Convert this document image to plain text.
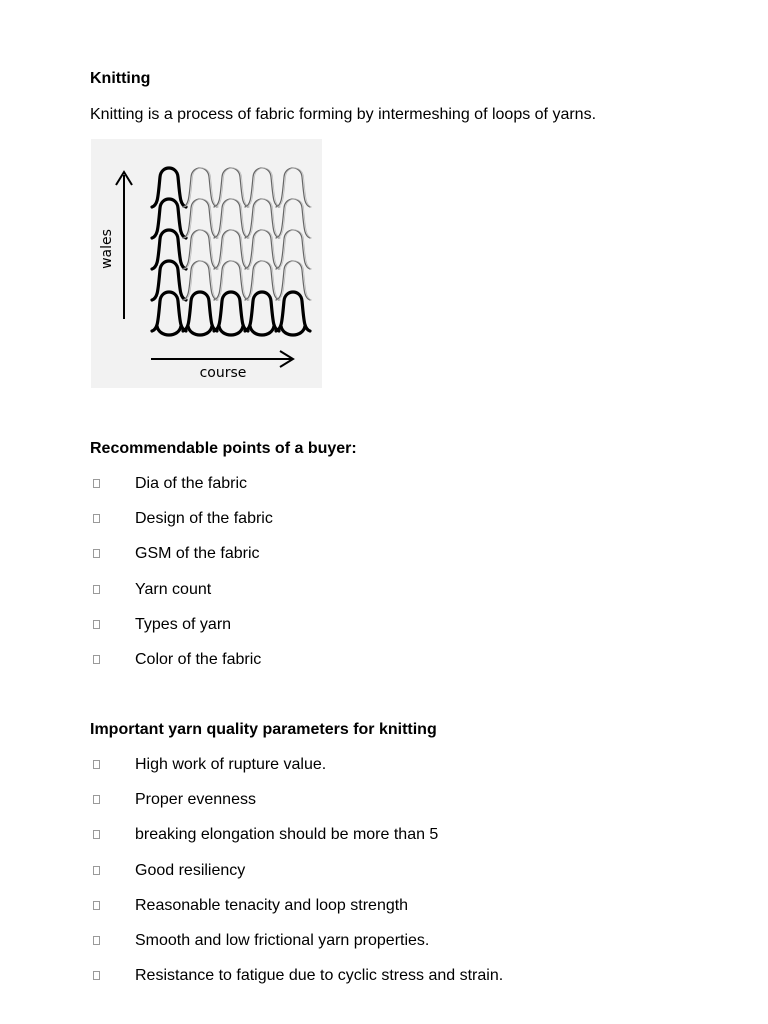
Knitting
Knitting is a process of fabric forming by intermeshing of loops of yarns.
wales
course
Recommendable points of a buyer:
Dia of the fabric
Design of the fabric
GSM of the fabric
Yarn count
Types of yarn
Color of the fabric
Important yarn quality parameters for knitting
High work of rupture value.
Proper evenness
breaking elongation should be more than 5
Good resiliency
Reasonable tenacity and loop strength
Smooth and low frictional yarn properties.
Resistance to fatigue due to cyclic stress and strain.
